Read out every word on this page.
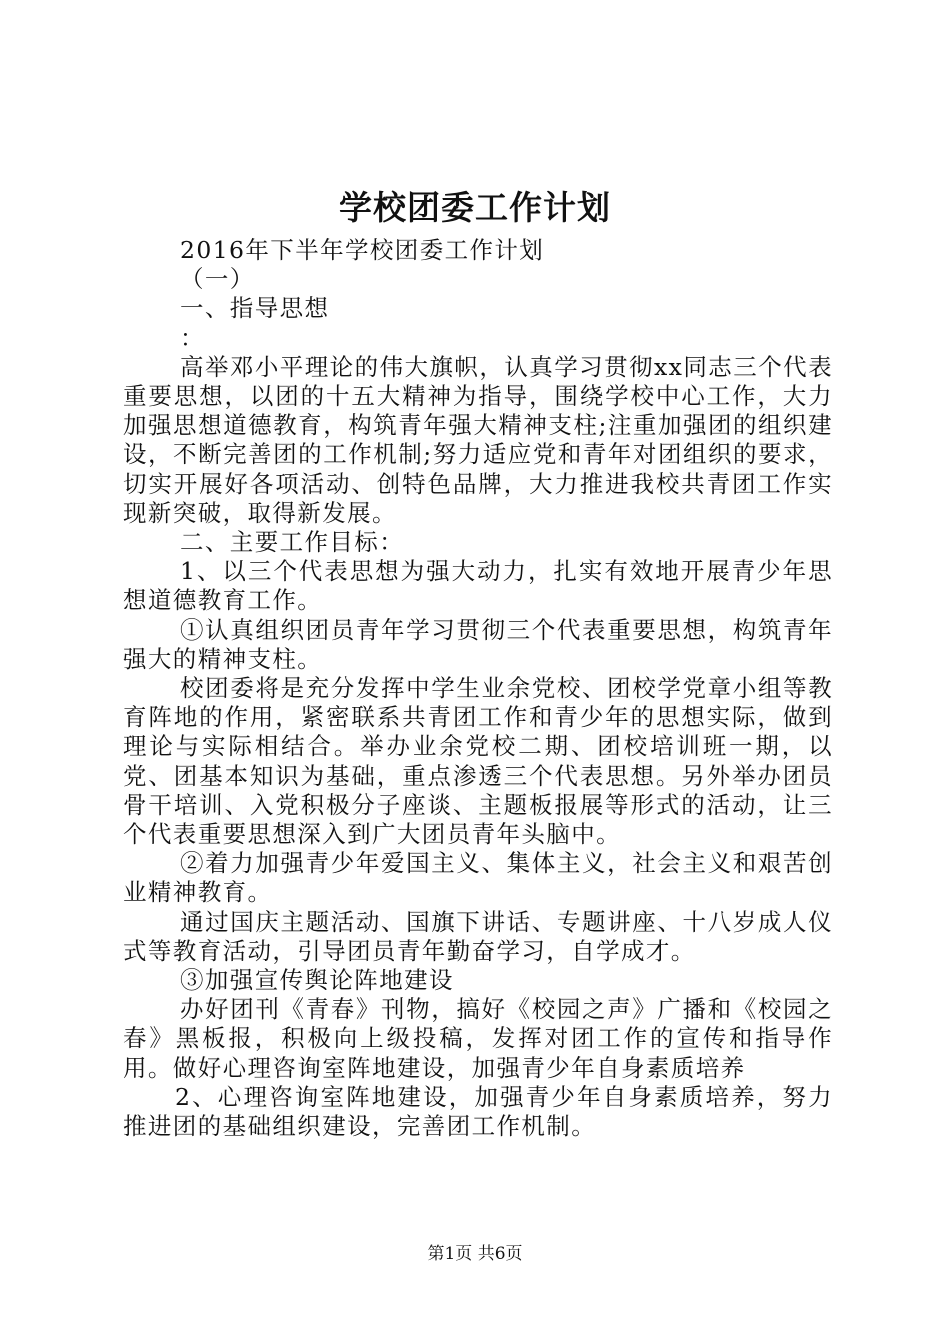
学校团委工作计划

2016年下半年学校团委工作计划

（一）

一、指导思想

：

高举邓小平理论的伟大旗帜，认真学习贯彻xx同志三个代表重要思想，以团的十五大精神为指导，围绕学校中心工作，大力加强思想道德教育，构筑青年强大精神支柱;注重加强团的组织建设，不断完善团的工作机制;努力适应党和青年对团组织的要求，切实开展好各项活动、创特色品牌，大力推进我校共青团工作实现新突破，取得新发展。

二、主要工作目标：

1、以三个代表思想为强大动力，扎实有效地开展青少年思想道德教育工作。

①认真组织团员青年学习贯彻三个代表重要思想，构筑青年强大的精神支柱。

校团委将是充分发挥中学生业余党校、团校学党章小组等教育阵地的作用，紧密联系共青团工作和青少年的思想实际，做到理论与实际相结合。举办业余党校二期、团校培训班一期，以党、团基本知识为基础，重点渗透三个代表思想。另外举办团员骨干培训、入党积极分子座谈、主题板报展等形式的活动，让三个代表重要思想深入到广大团员青年头脑中。

②着力加强青少年爱国主义、集体主义，社会主义和艰苦创业精神教育。

通过国庆主题活动、国旗下讲话、专题讲座、十八岁成人仪式等教育活动，引导团员青年勤奋学习，自学成才。

③加强宣传舆论阵地建设

办好团刊《青春》刊物，搞好《校园之声》广播和《校园之春》黑板报，积极向上级投稿，发挥对团工作的宣传和指导作用。做好心理咨询室阵地建设，加强青少年自身素质培养

2、心理咨询室阵地建设，加强青少年自身素质培养，努力推进团的基础组织建设，完善团工作机制。

第1页 共6页
